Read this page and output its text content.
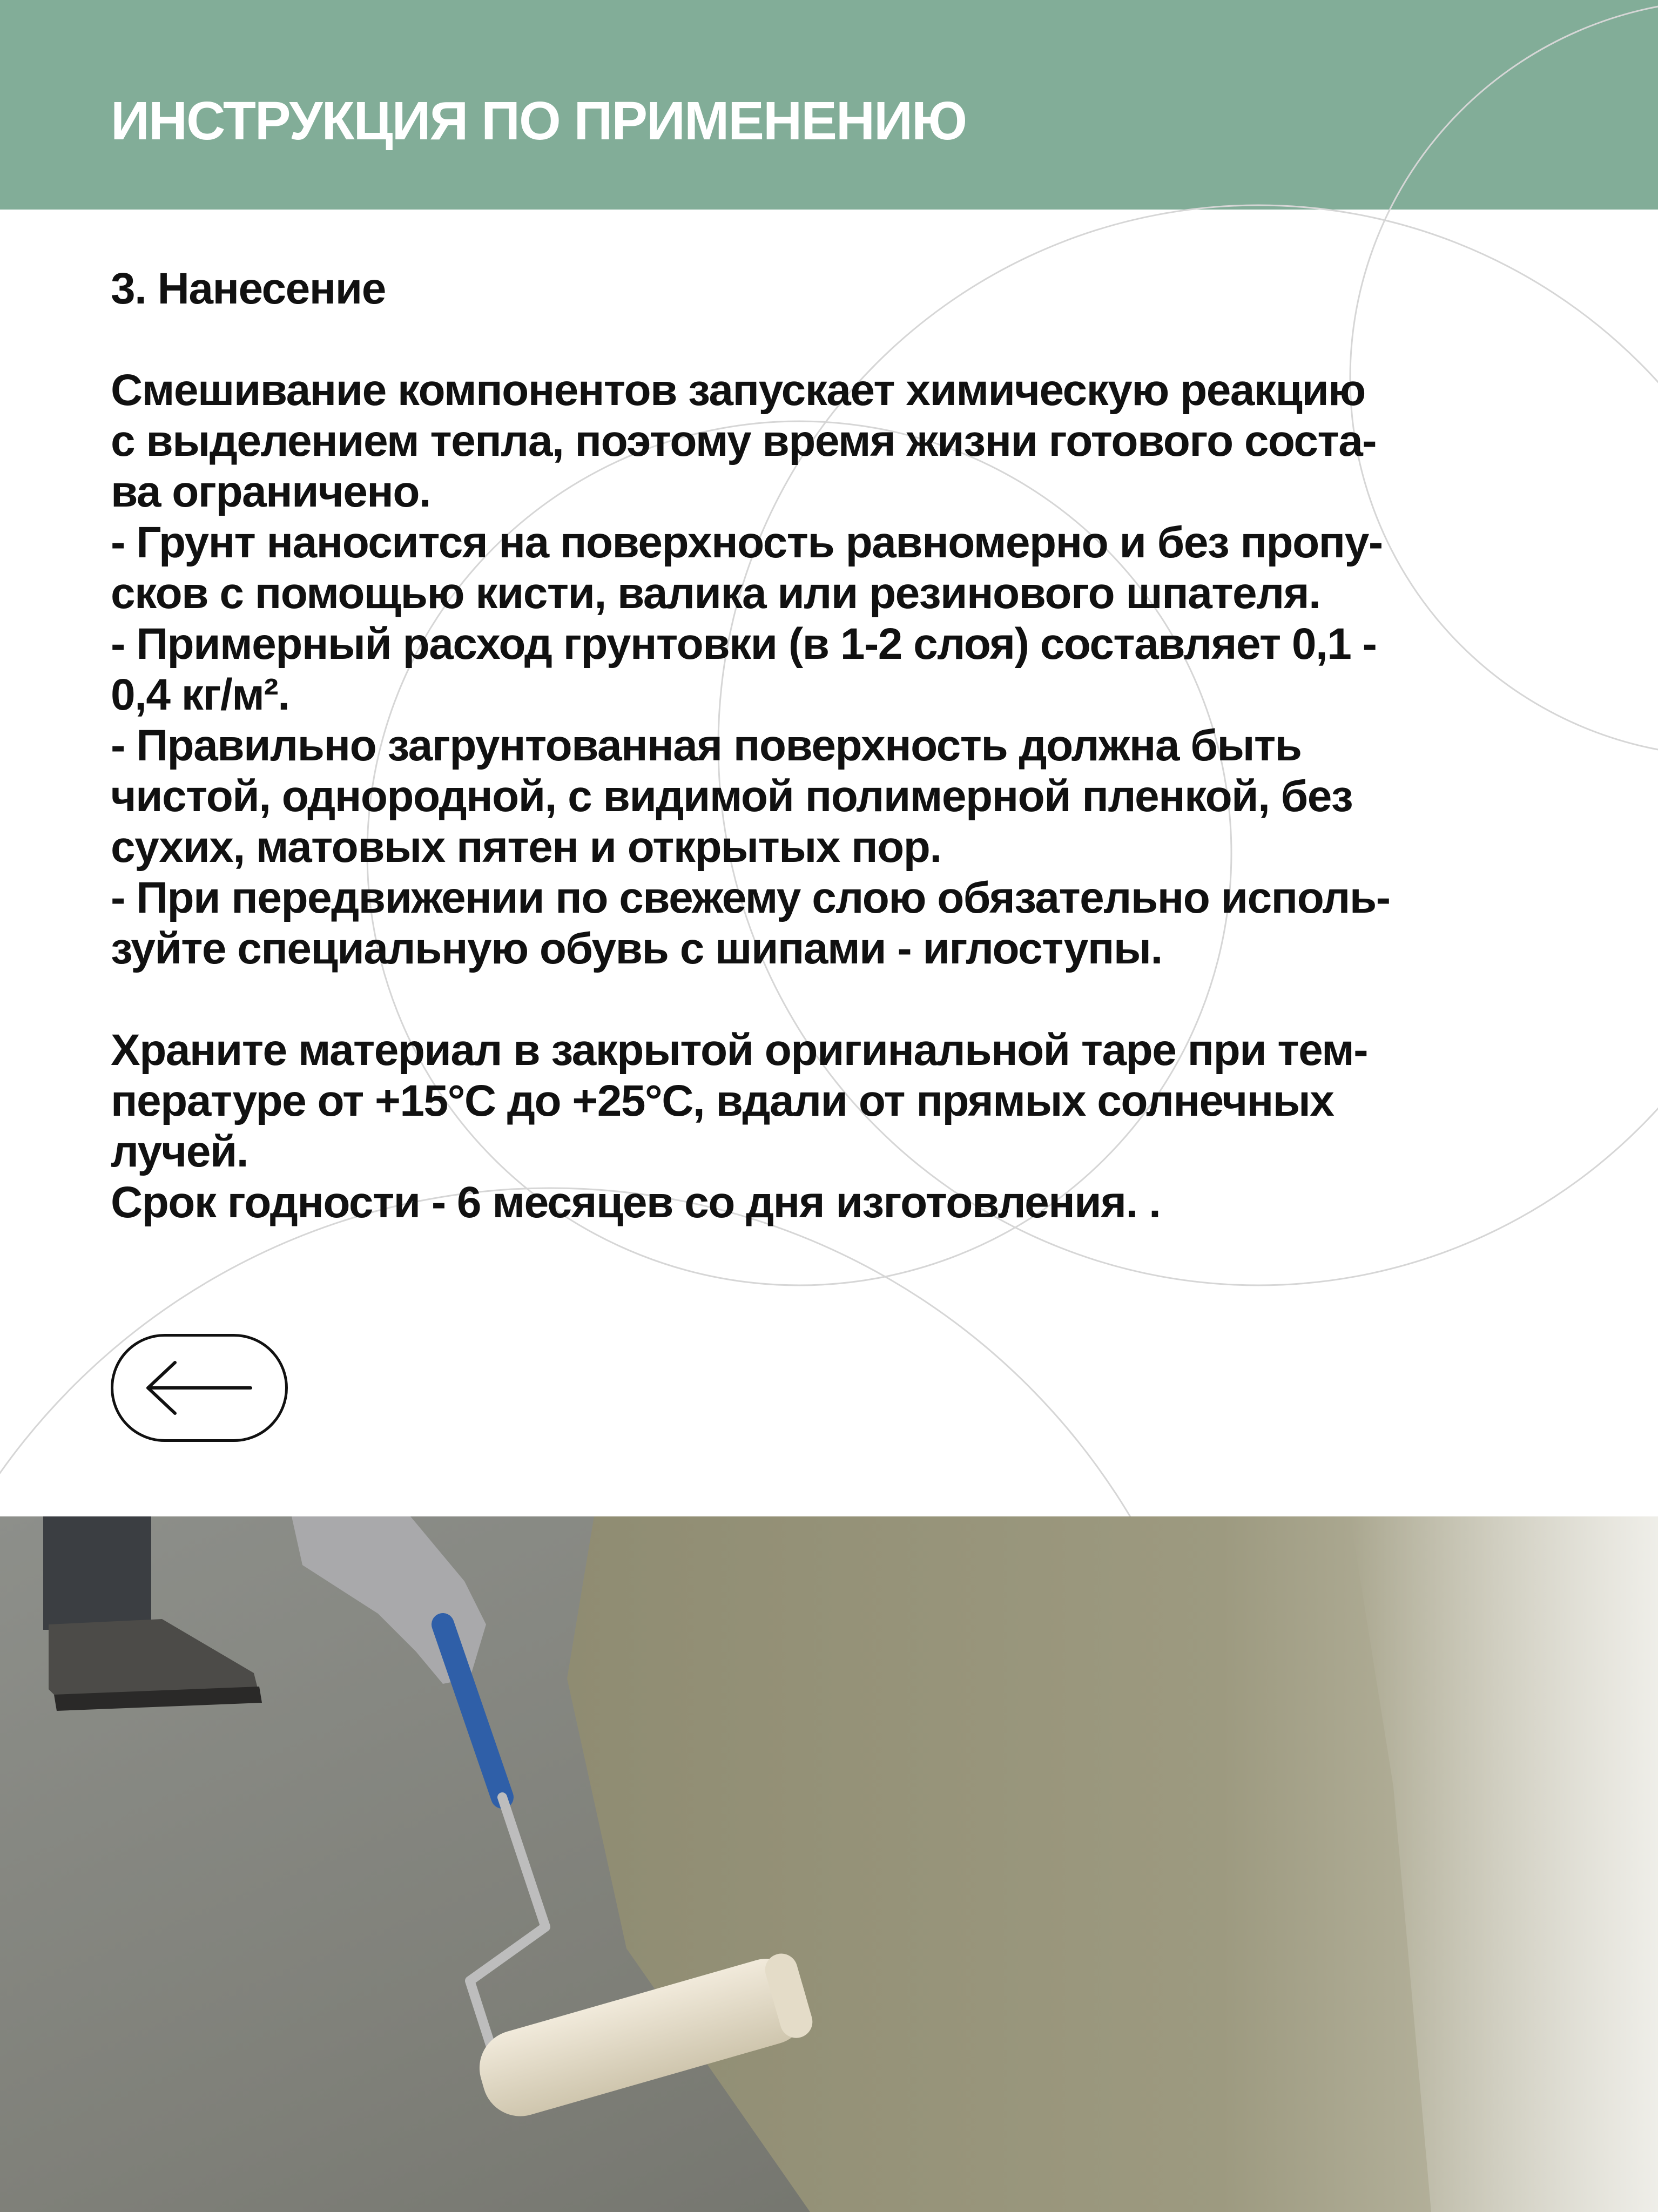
ИНСТРУКЦИЯ ПО ПРИМЕНЕНИЮ

3. Нанесение

Смешивание компонентов запускает химическую реакцию

с выделением тепла, поэтому время жизни готового соста-

ва ограничено.

- Грунт наносится на поверхность равномерно и без пропу-

сков с помощью кисти, валика или резинового шпателя.

- Примерный расход грунтовки (в 1-2 слоя) составляет 0,1 -

0,4 кг/м².

- Правильно загрунтованная поверхность должна быть

чистой, однородной, с видимой полимерной пленкой, без

сухих, матовых пятен и открытых пор.

- При передвижении по свежему слою обязательно исполь-

зуйте специальную обувь с шипами - иглоступы.

Храните материал в закрытой оригинальной таре при тем-

пературе от +15°С до +25°С, вдали от прямых солнечных

лучей.

Срок годности - 6 месяцев со дня изготовления. .
